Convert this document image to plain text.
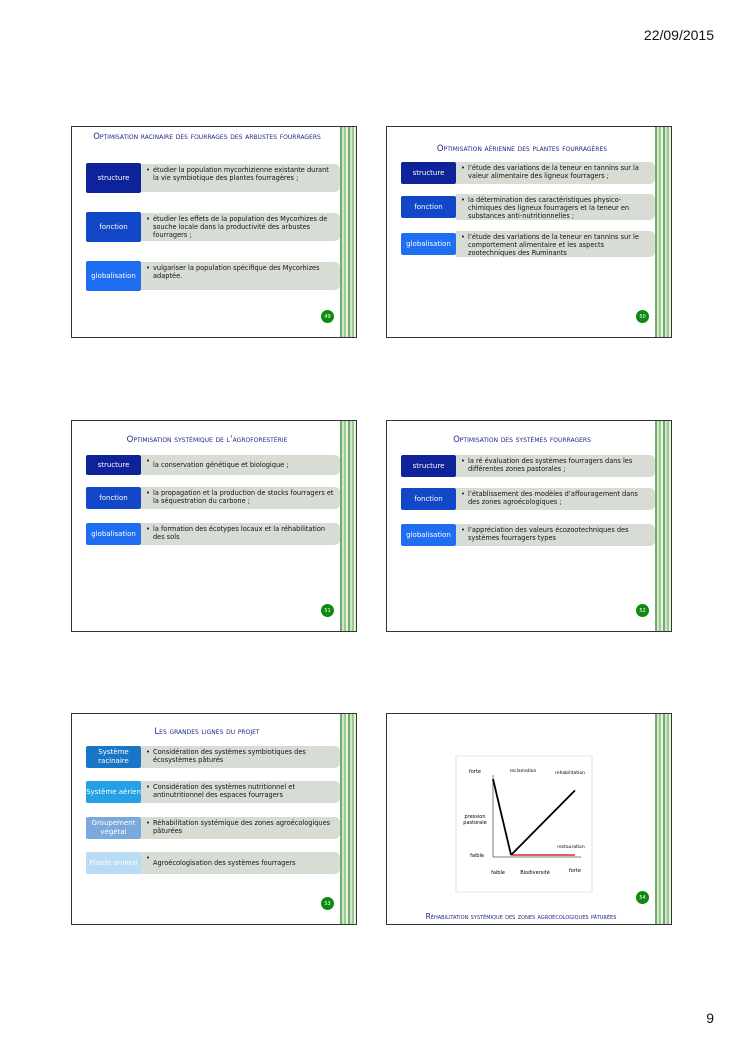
22/09/2015
Optimisation racinaire des fourrages des arbustes fourragers
structure
• étudier la population mycorhizienne existante durant la vie symbiotique des plantes fourragères ;
fonction
• étudier les effets de la population des Mycorhizes de souche locale dans la productivité des arbustes fourragers ;
globalisation
• vulgariser la population spécifique des Mycorhizes adaptée.
49
Optimisation aérienne des plantes fourragères
structure
• l’étude des variations de la teneur en tannins sur la valeur alimentaire des ligneux fourragers ;
fonction
• la détermination des caractéristiques physico-chimiques des ligneux fourragers et la teneur en substances anti-nutritionnelles ;
globalisation
• l’étude des variations de la teneur en tannins sur le comportement alimentaire et les aspects zootechniques des Ruminants
50
Optimisation systémique de l’agroforestérie
structure	• la conservation génétique et biologique ;
fonction
• la propagation et la production de stocks fourragers et la séquestration du carbone ;
globalisation
• la formation des écotypes locaux et la réhabilitation des sols
51
Optimisation des systèmes fourragers
structure
• la ré évaluation des systèmes fourragers dans les différentes zones pastorales ;
fonction
• l’établissement des modèles d’affouragement dans des zones agroécologiques ;
globalisation
• l’appréciation des valeurs écozootechniques des systèmes fourragers types
52
Les grandes lignes du projet
Système racinaire
• Considération des systèmes symbiotiques des écosystèmes pâturés
Système aérien
• Considération des systèmes nutritionnel et antinutritionnel des espaces fourragers
Groupement végétal
• Réhabilitation systémique des zones agroécologiques pâturées
Plante animal	• Agroécologisation des systèmes fourragers
53
pression
pastorale
Biodiversité
forte
faible
faible	forte
reclamation	rehabilitation
restauration
54
Réhabilitation systémique des zones agroécologiques pâturées
9
